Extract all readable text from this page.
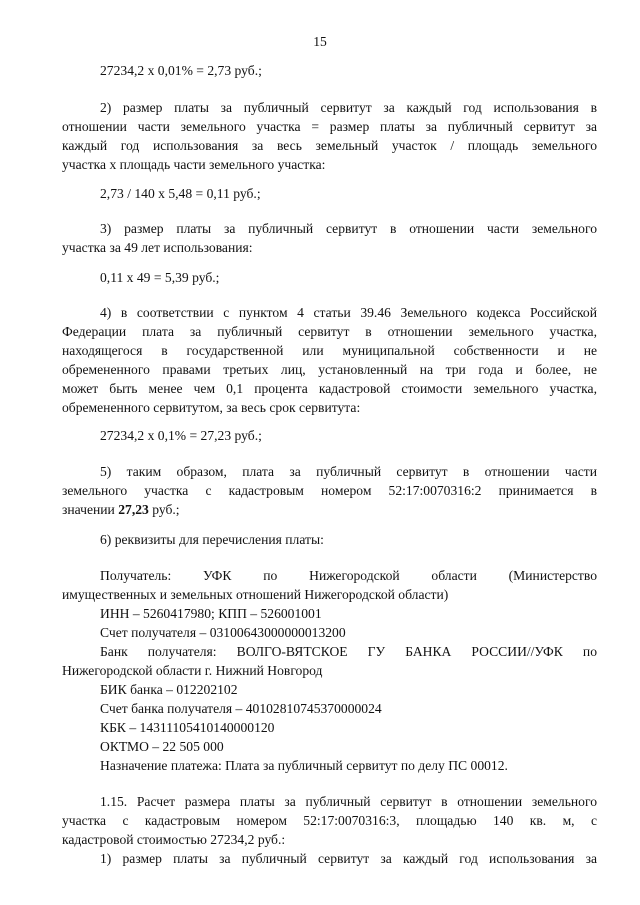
15
27234,2 х 0,01% = 2,73 руб.;
2) размер платы за публичный сервитут за каждый год использования в
отношении части земельного участка = размер платы за публичный сервитут за
каждый год использования за весь земельный участок / площадь земельного
участка х площадь части земельного участка:
2,73 / 140 х 5,48 = 0,11 руб.;
3) размер платы за публичный сервитут в отношении части земельного
участка за 49 лет использования:
0,11 х 49 = 5,39 руб.;
4) в соответствии с пунктом 4 статьи 39.46 Земельного кодекса Российской
Федерации плата за публичный сервитут в отношении земельного участка,
находящегося в государственной или муниципальной собственности и не
обремененного правами третьих лиц, установленный на три года и более, не
может быть менее чем 0,1 процента кадастровой стоимости земельного участка,
обремененного сервитутом, за весь срок сервитута:
27234,2 х 0,1% = 27,23 руб.;
5) таким образом, плата за публичный сервитут в отношении части
земельного участка с кадастровым номером 52:17:0070316:2 принимается в
значении 27,23 руб.;
6) реквизиты для перечисления платы:
Получатель: УФК по Нижегородской области (Министерство
имущественных и земельных отношений Нижегородской области)
ИНН – 5260417980; КПП – 526001001
Счет получателя – 03100643000000013200
Банк получателя: ВОЛГО-ВЯТСКОЕ ГУ БАНКА РОССИИ//УФК по
Нижегородской области г. Нижний Новгород
БИК банка – 012202102
Счет банка получателя – 40102810745370000024
КБК – 14311105410140000120
ОКТМО – 22 505 000
Назначение платежа: Плата за публичный сервитут по делу ПС 00012.
1.15. Расчет размера платы за публичный сервитут в отношении земельного
участка с кадастровым номером 52:17:0070316:3, площадью 140 кв. м, с
кадастровой стоимостью 27234,2 руб.:
1) размер платы за публичный сервитут за каждый год использования за
